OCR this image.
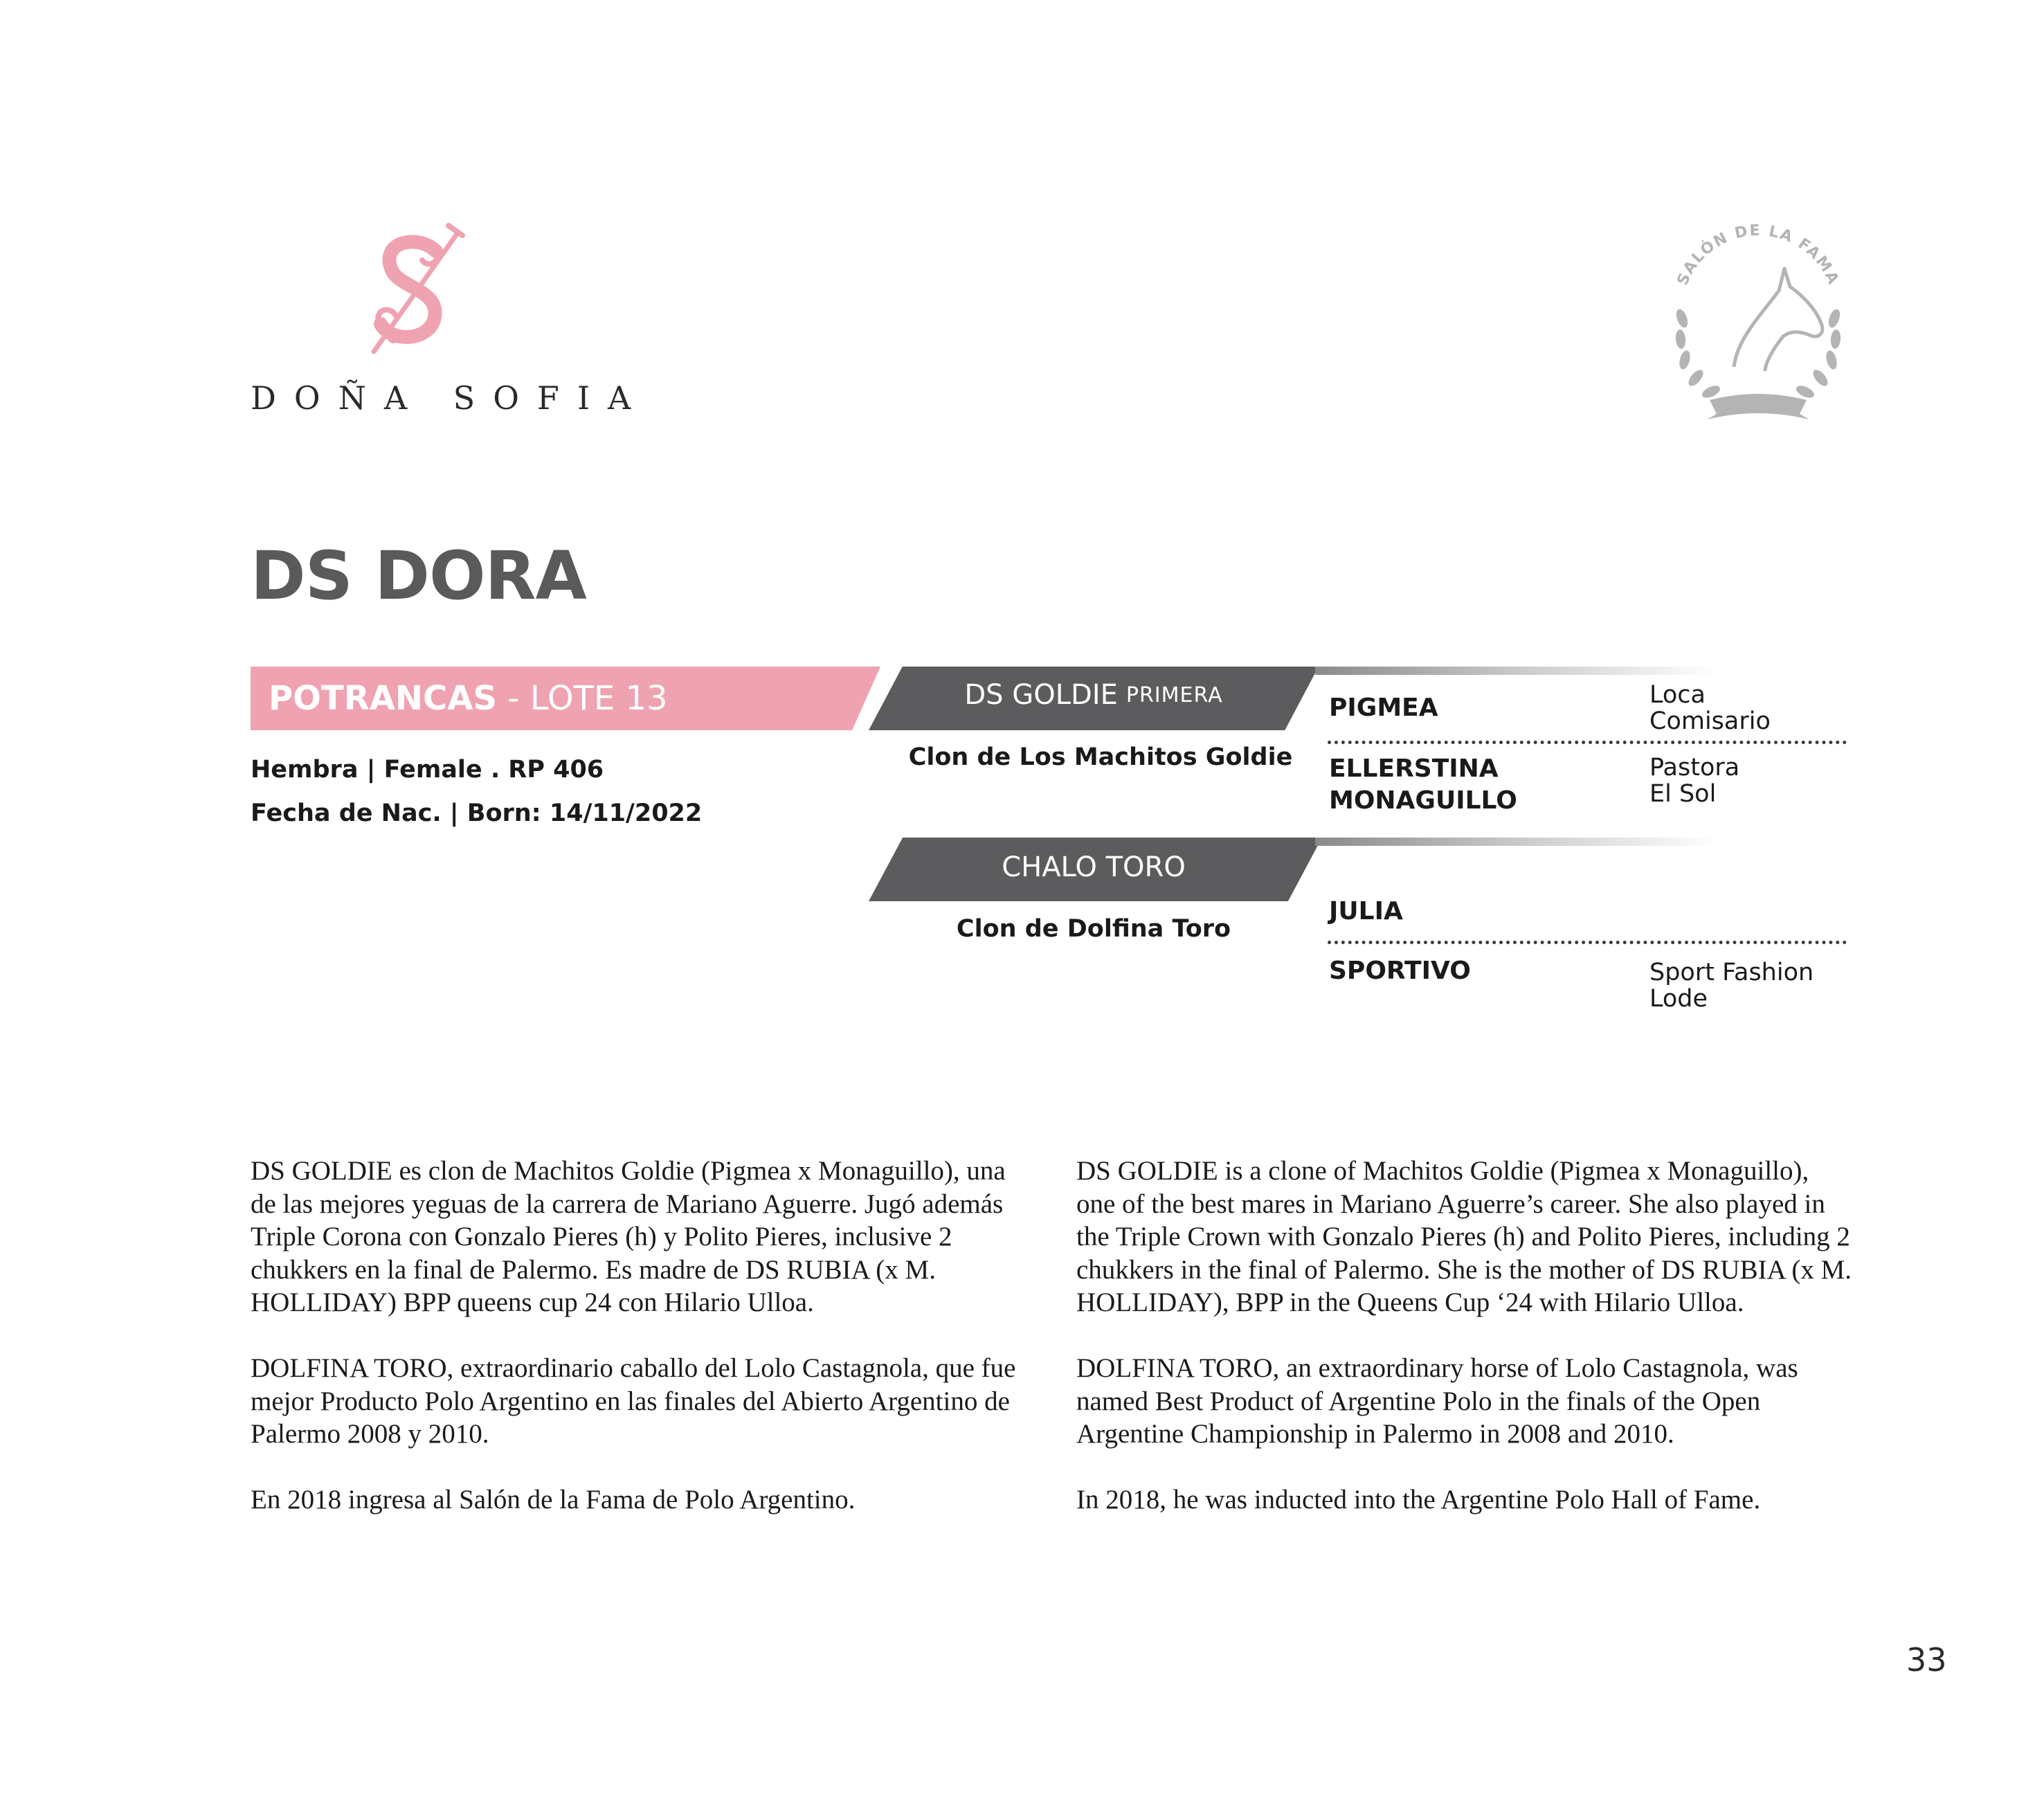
DOÑA SOFIA
SALÓN DE LA FAMA
DS DORA
POTRANCAS - LOTE 13
Hembra | Female . RP 406
Fecha de Nac. | Born: 14/11/2022
DS GOLDIE PRIMERA
Clon de Los Machitos Goldie
CHALO TORO
Clon de Dolfina Toro
PIGMEA	Loca
Comisario
ELLERSTINA
MONAGUILLO
Pastora
El Sol
JULIA
SPORTIVO	Sport Fashion
Lode

DS GOLDIE es clon de Machitos Goldie (Pigmea x Monaguillo), una de las mejores yeguas de la carrera de Mariano Aguerre. Jugó además Triple Corona con Gonzalo Pieres (h) y Polito Pieres, inclusive 2 chukkers en la final de Palermo. Es madre de DS RUBIA (x M. HOLLIDAY) BPP queens cup 24 con Hilario Ulloa.

DOLFINA TORO, extraordinario caballo del Lolo Castagnola, que fue mejor Producto Polo Argentino en las finales del Abierto Argentino de Palermo 2008 y 2010.

En 2018 ingresa al Salón de la Fama de Polo Argentino.

DS GOLDIE is a clone of Machitos Goldie (Pigmea x Monaguillo), one of the best mares in Mariano Aguerre’s career. She also played in the Triple Crown with Gonzalo Pieres (h) and Polito Pieres, including 2 chukkers in the final of Palermo. She is the mother of DS RUBIA (x M. HOLLIDAY), BPP in the Queens Cup ‘24 with Hilario Ulloa.

DOLFINA TORO, an extraordinary horse of Lolo Castagnola, was named Best Product of Argentine Polo in the finals of the Open Argentine Championship in Palermo in 2008 and 2010.

In 2018, he was inducted into the Argentine Polo Hall of Fame.

33
